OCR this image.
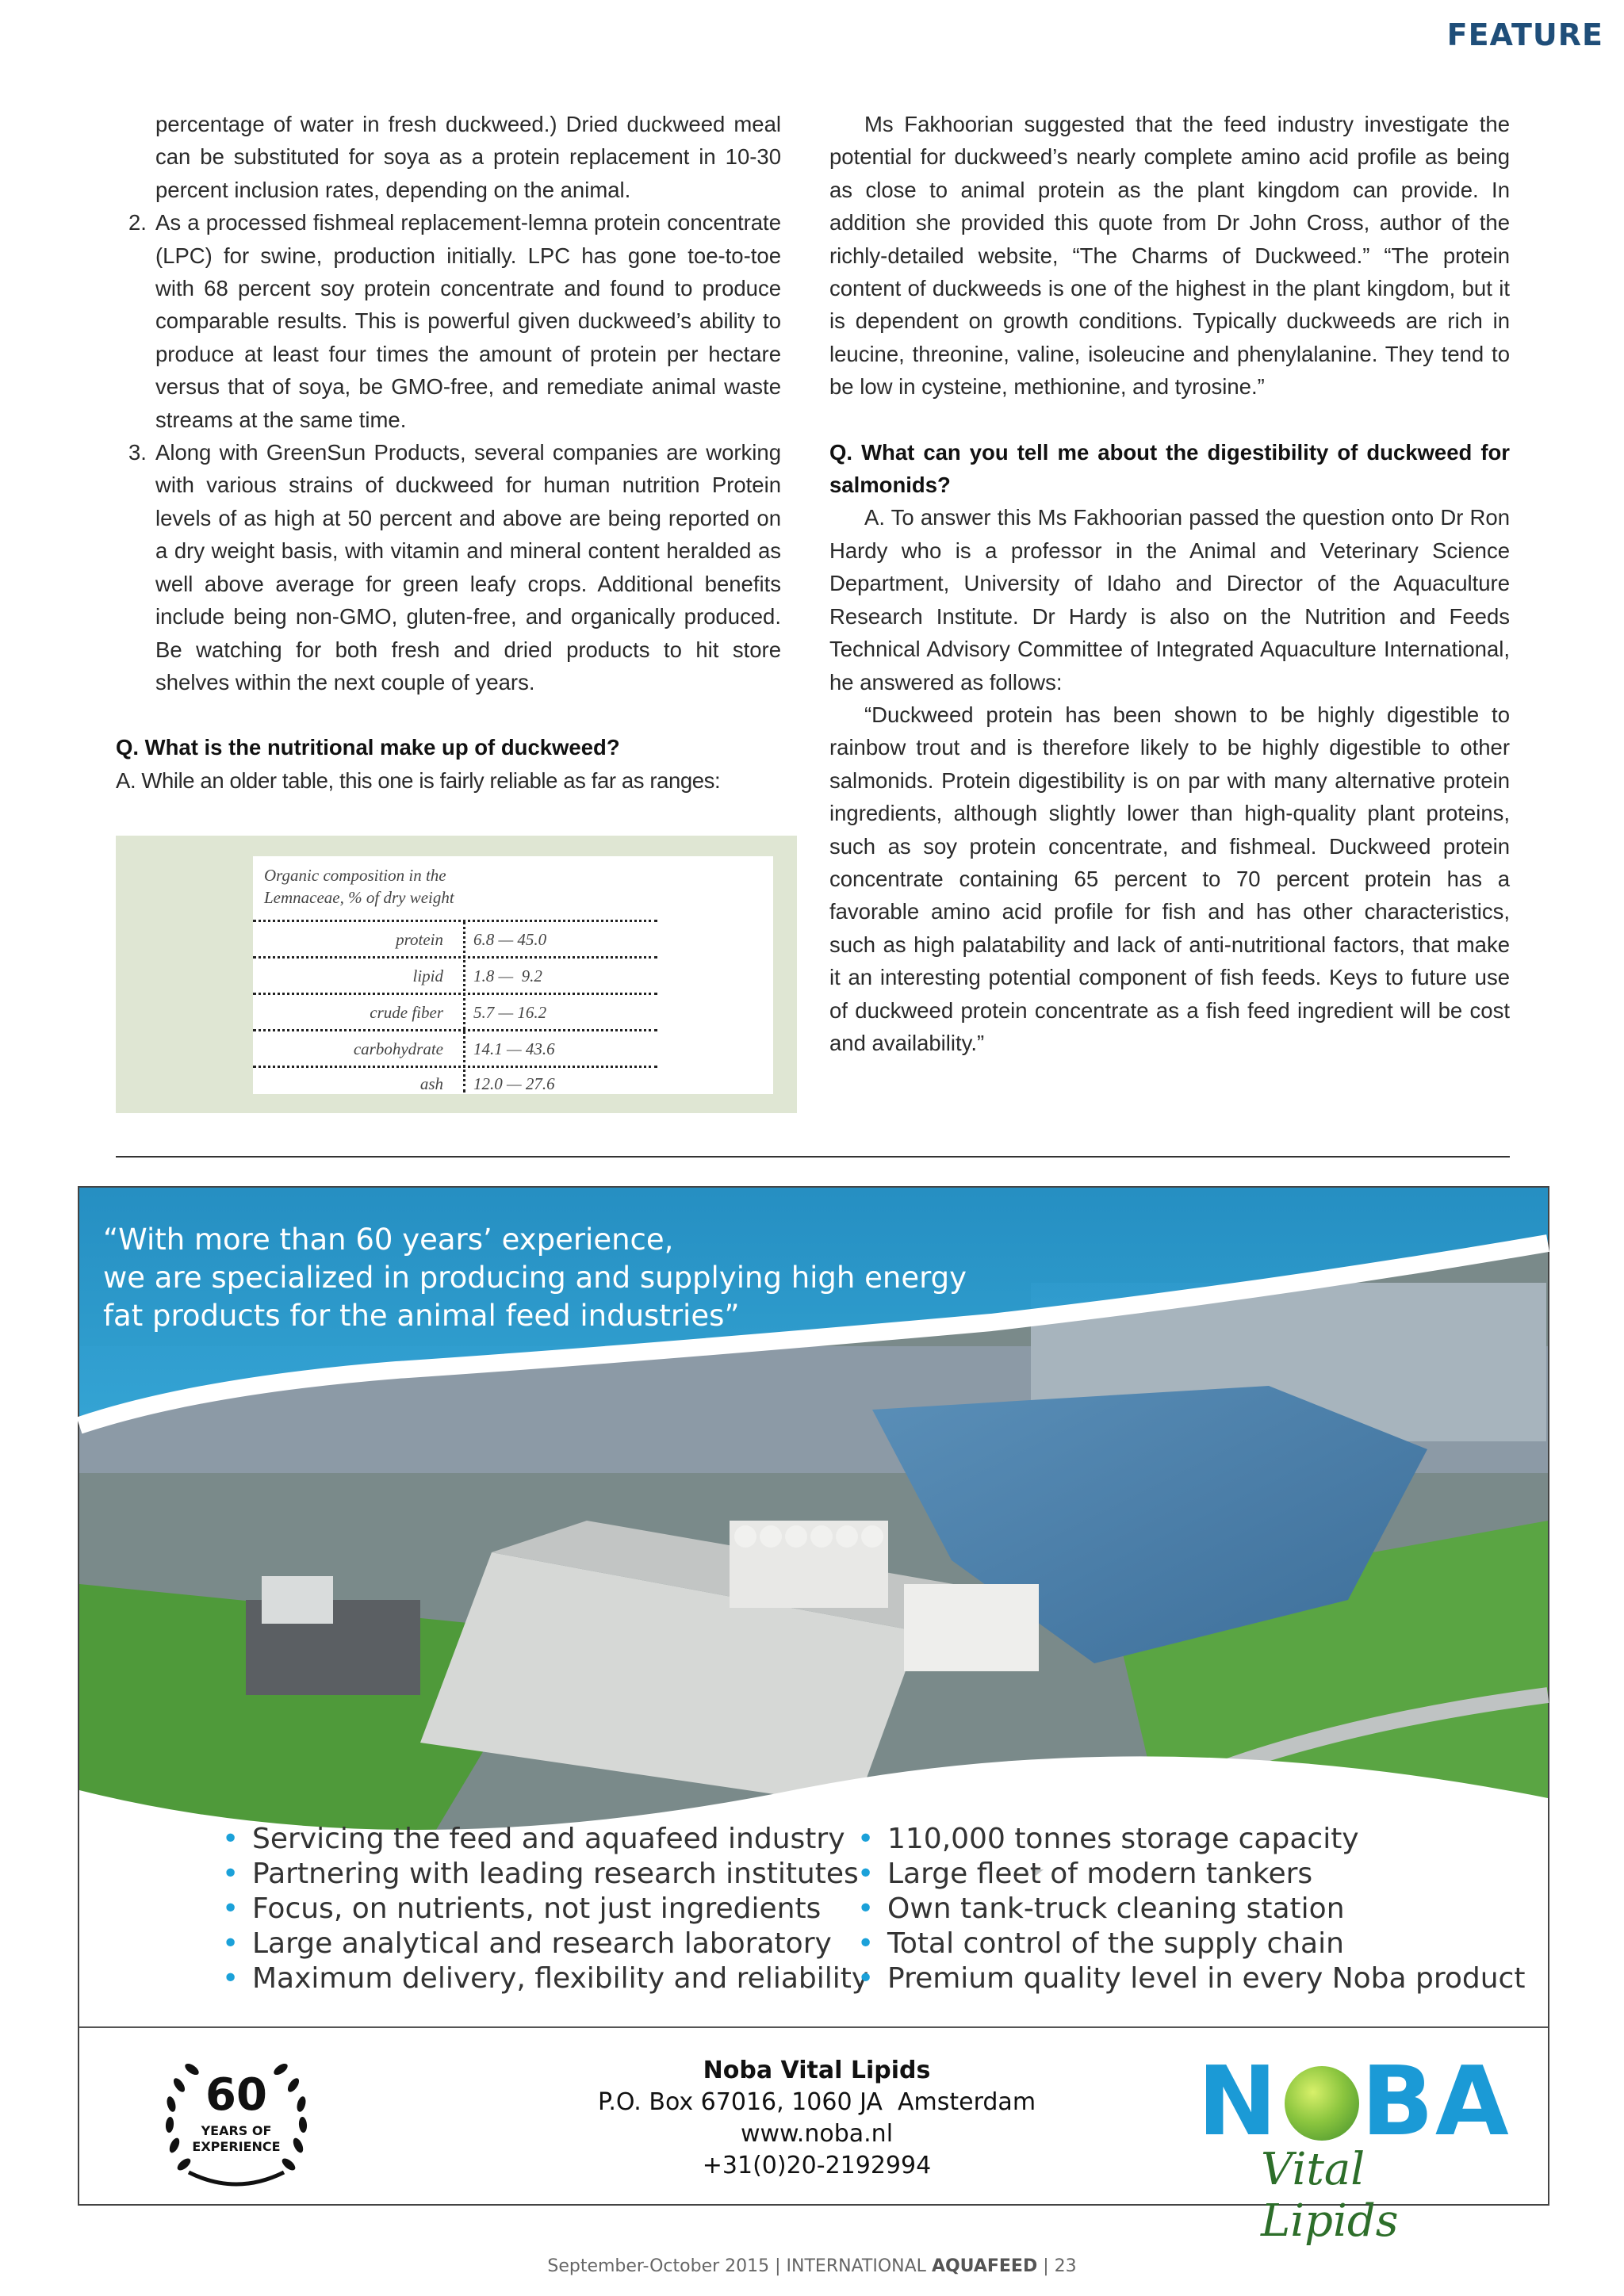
FEATURE
percentage of water in fresh duckweed.) Dried duckweed meal can be substituted for soya as a protein replacement in 10-30 percent inclusion rates, depending on the animal.
2. As a processed fishmeal replacement-lemna protein concentrate (LPC) for swine, production initially. LPC has gone toe-to-toe with 68 percent soy protein concentrate and found to produce comparable results. This is powerful given duckweed’s ability to produce at least four times the amount of protein per hectare versus that of soya, be GMO-free, and remediate animal waste streams at the same time.
3. Along with GreenSun Products, several companies are working with various strains of duckweed for human nutrition Protein levels of as high at 50 percent and above are being reported on a dry weight basis, with vitamin and mineral content heralded as well above average for green leafy crops. Additional benefits include being non-GMO, gluten-free, and organically produced. Be watching for both fresh and dried products to hit store shelves within the next couple of years.
Q. What is the nutritional make up of duckweed?
A. While an older table, this one is fairly reliable as far as ranges:
Organic composition in the
Lemnaceae, % of dry weight
protein 6.8 — 45.0
lipid 1.8 —  9.2
crude fiber 5.7 — 16.2
carbohydrate 14.1 — 43.6
ash 12.0 — 27.6

Ms Fakhoorian suggested that the feed industry investigate the potential for duckweed’s nearly complete amino acid profile as being as close to animal protein as the plant kingdom can provide. In addition she provided this quote from Dr John Cross, author of the richly-detailed website, “The Charms of Duckweed.” “The protein content of duckweeds is one of the highest in the plant kingdom, but it is dependent on growth conditions. Typically duckweeds are rich in leucine, threonine, valine, isoleucine and phenylalanine. They tend to be low in cysteine, methionine, and tyrosine.”

Q. What can you tell me about the digestibility of duckweed for salmonids?

A. To answer this Ms Fakhoorian passed the question onto Dr Ron Hardy who is a professor in the Animal and Veterinary Science Department, University of Idaho and Director of the Aquaculture Research Institute. Dr Hardy is also on the Nutrition and Feeds Technical Advisory Committee of Integrated Aquaculture International, he answered as follows:

“Duckweed protein has been shown to be highly digestible to rainbow trout and is therefore likely to be highly digestible to other salmonids. Protein digestibility is on par with many alternative protein ingredients, although slightly lower than high-quality plant proteins, such as soy protein concentrate, and fishmeal. Duckweed protein concentrate containing 65 percent to 70 percent protein has a favorable amino acid profile for fish and has other characteristics, such as high palatability and lack of anti-nutritional factors, that make it an interesting potential component of fish feeds. Keys to future use of duckweed protein concentrate as a fish feed ingredient will be cost and availability.”

“With more than 60 years’ experience,
we are specialized in producing and supplying high energy
fat products for the animal feed industries”
• Servicing the feed and aquafeed industry
• Partnering with leading research institutes
• Focus, on nutrients, not just ingredients
• Large analytical and research laboratory
• Maximum delivery, flexibility and reliability
• 110,000 tonnes storage capacity
• Large fleet of modern tankers
• Own tank-truck cleaning station
• Total control of the supply chain
• Premium quality level in every Noba product
60
YEARS OF
EXPERIENCE
Noba Vital Lipids
P.O. Box 67016, 1060 JA  Amsterdam
www.noba.nl
+31(0)20-2192994
N BA
Vital Lipids
September-October 2015 | INTERNATIONAL AQUAFEED | 23
